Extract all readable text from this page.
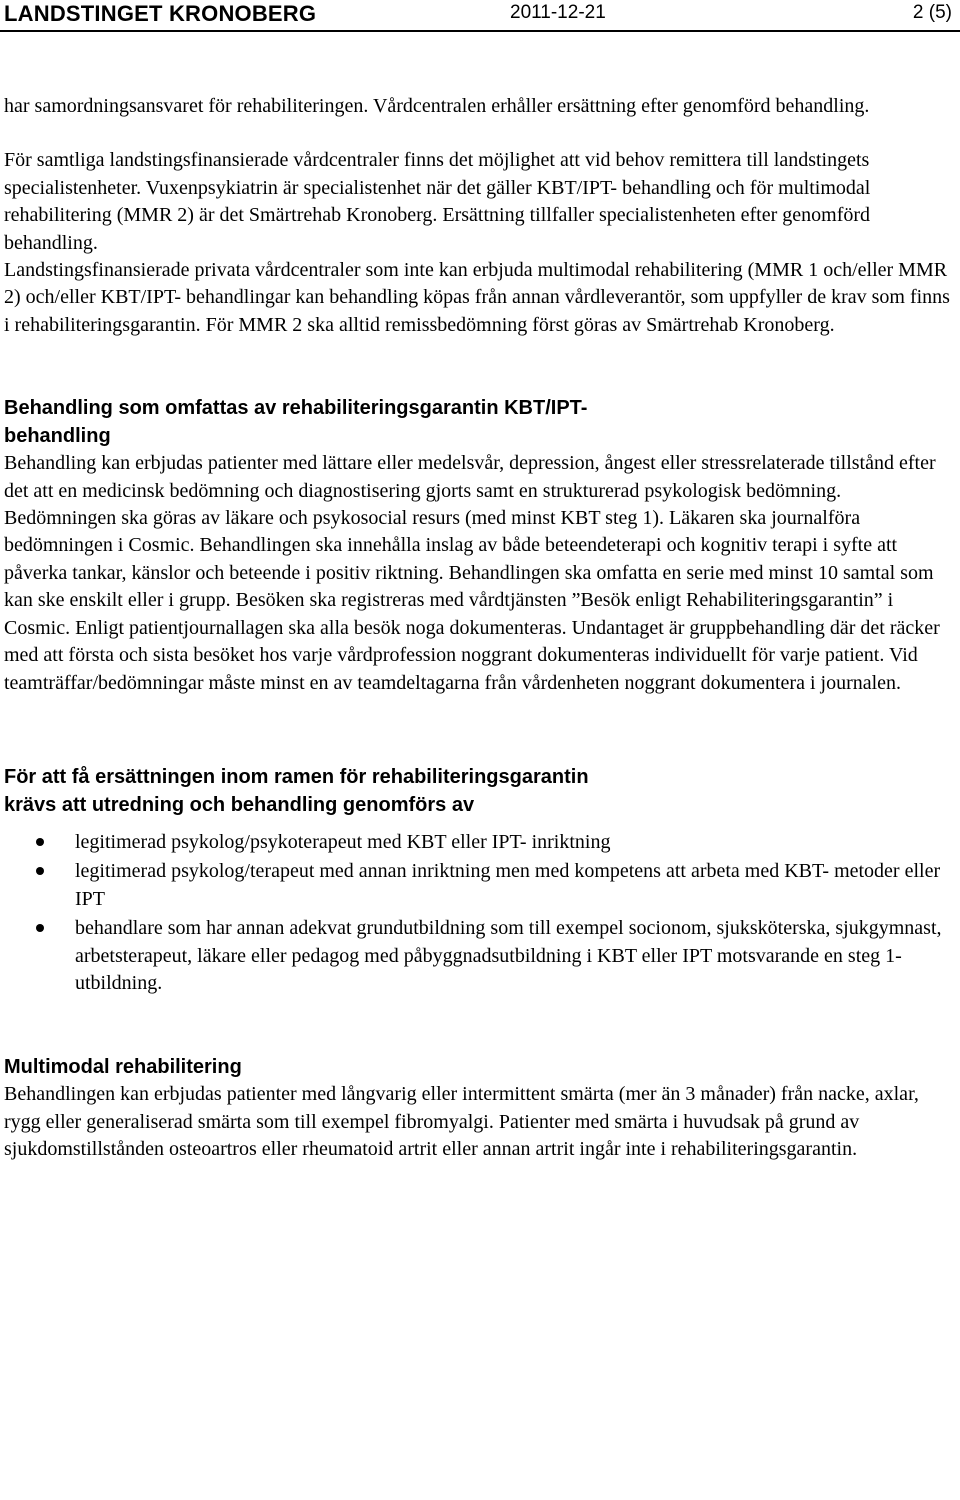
LANDSTINGET KRONOBERG	2011-12-21	2 (5)

har samordningsansvaret för rehabiliteringen. Vårdcentralen erhåller ersättning efter genomförd behandling.

För samtliga landstingsfinansierade vårdcentraler finns det möjlighet att vid behov remittera till landstingets specialistenheter. Vuxenpsykiatrin är specialistenhet när det gäller KBT/IPT- behandling och för multimodal rehabilitering (MMR 2) är det Smärtrehab Kronoberg. Ersättning tillfaller specialistenheten efter genomförd behandling.

Landstingsfinansierade privata vårdcentraler som inte kan erbjuda multimodal rehabilitering (MMR 1 och/eller MMR 2) och/eller KBT/IPT- behandlingar kan behandling köpas från annan vårdleverantör, som uppfyller de krav som finns i rehabiliteringsgarantin. För MMR 2 ska alltid remissbedömning först göras av Smärtrehab Kronoberg.

Behandling som omfattas av rehabiliteringsgarantin KBT/IPT-
behandling

Behandling kan erbjudas patienter med lättare eller medelsvår, depression, ångest eller stressrelaterade tillstånd efter det att en medicinsk bedömning och diagnostisering gjorts samt en strukturerad psykologisk bedömning. Bedömningen ska göras av läkare och psykosocial resurs (med minst KBT steg 1). Läkaren ska journalföra bedömningen i Cosmic. Behandlingen ska innehålla inslag av både beteendeterapi och kognitiv terapi i syfte att påverka tankar, känslor och beteende i positiv riktning. Behandlingen ska omfatta en serie med minst 10 samtal som kan ske enskilt eller i grupp. Besöken ska registreras med vårdtjänsten ”Besök enligt Rehabiliteringsgarantin” i Cosmic. Enligt patientjournallagen ska alla besök noga dokumenteras. Undantaget är gruppbehandling där det räcker med att första och sista besöket hos varje vårdprofession noggrant dokumenteras individuellt för varje patient. Vid teamträffar/bedömningar måste minst en av teamdeltagarna från vårdenheten noggrant dokumentera i journalen.

För att få ersättningen inom ramen för rehabiliteringsgarantin
krävs att utredning och behandling genomförs av
legitimerad psykolog/psykoterapeut med KBT eller IPT- inriktning
legitimerad psykolog/terapeut med annan inriktning men med kompetens att arbeta med KBT- metoder eller IPT
behandlare som har annan adekvat grundutbildning som till exempel socionom, sjuksköterska, sjukgymnast, arbetsterapeut, läkare eller pedagog med påbyggnadsutbildning i KBT eller IPT motsvarande en steg 1-utbildning.
Multimodal rehabilitering

Behandlingen kan erbjudas patienter med långvarig eller intermittent smärta (mer än 3 månader) från nacke, axlar, rygg eller generaliserad smärta som till exempel fibromyalgi. Patienter med smärta i huvudsak på grund av sjukdomstillstånden osteoartros eller rheumatoid artrit eller annan artrit ingår inte i rehabiliteringsgarantin.
